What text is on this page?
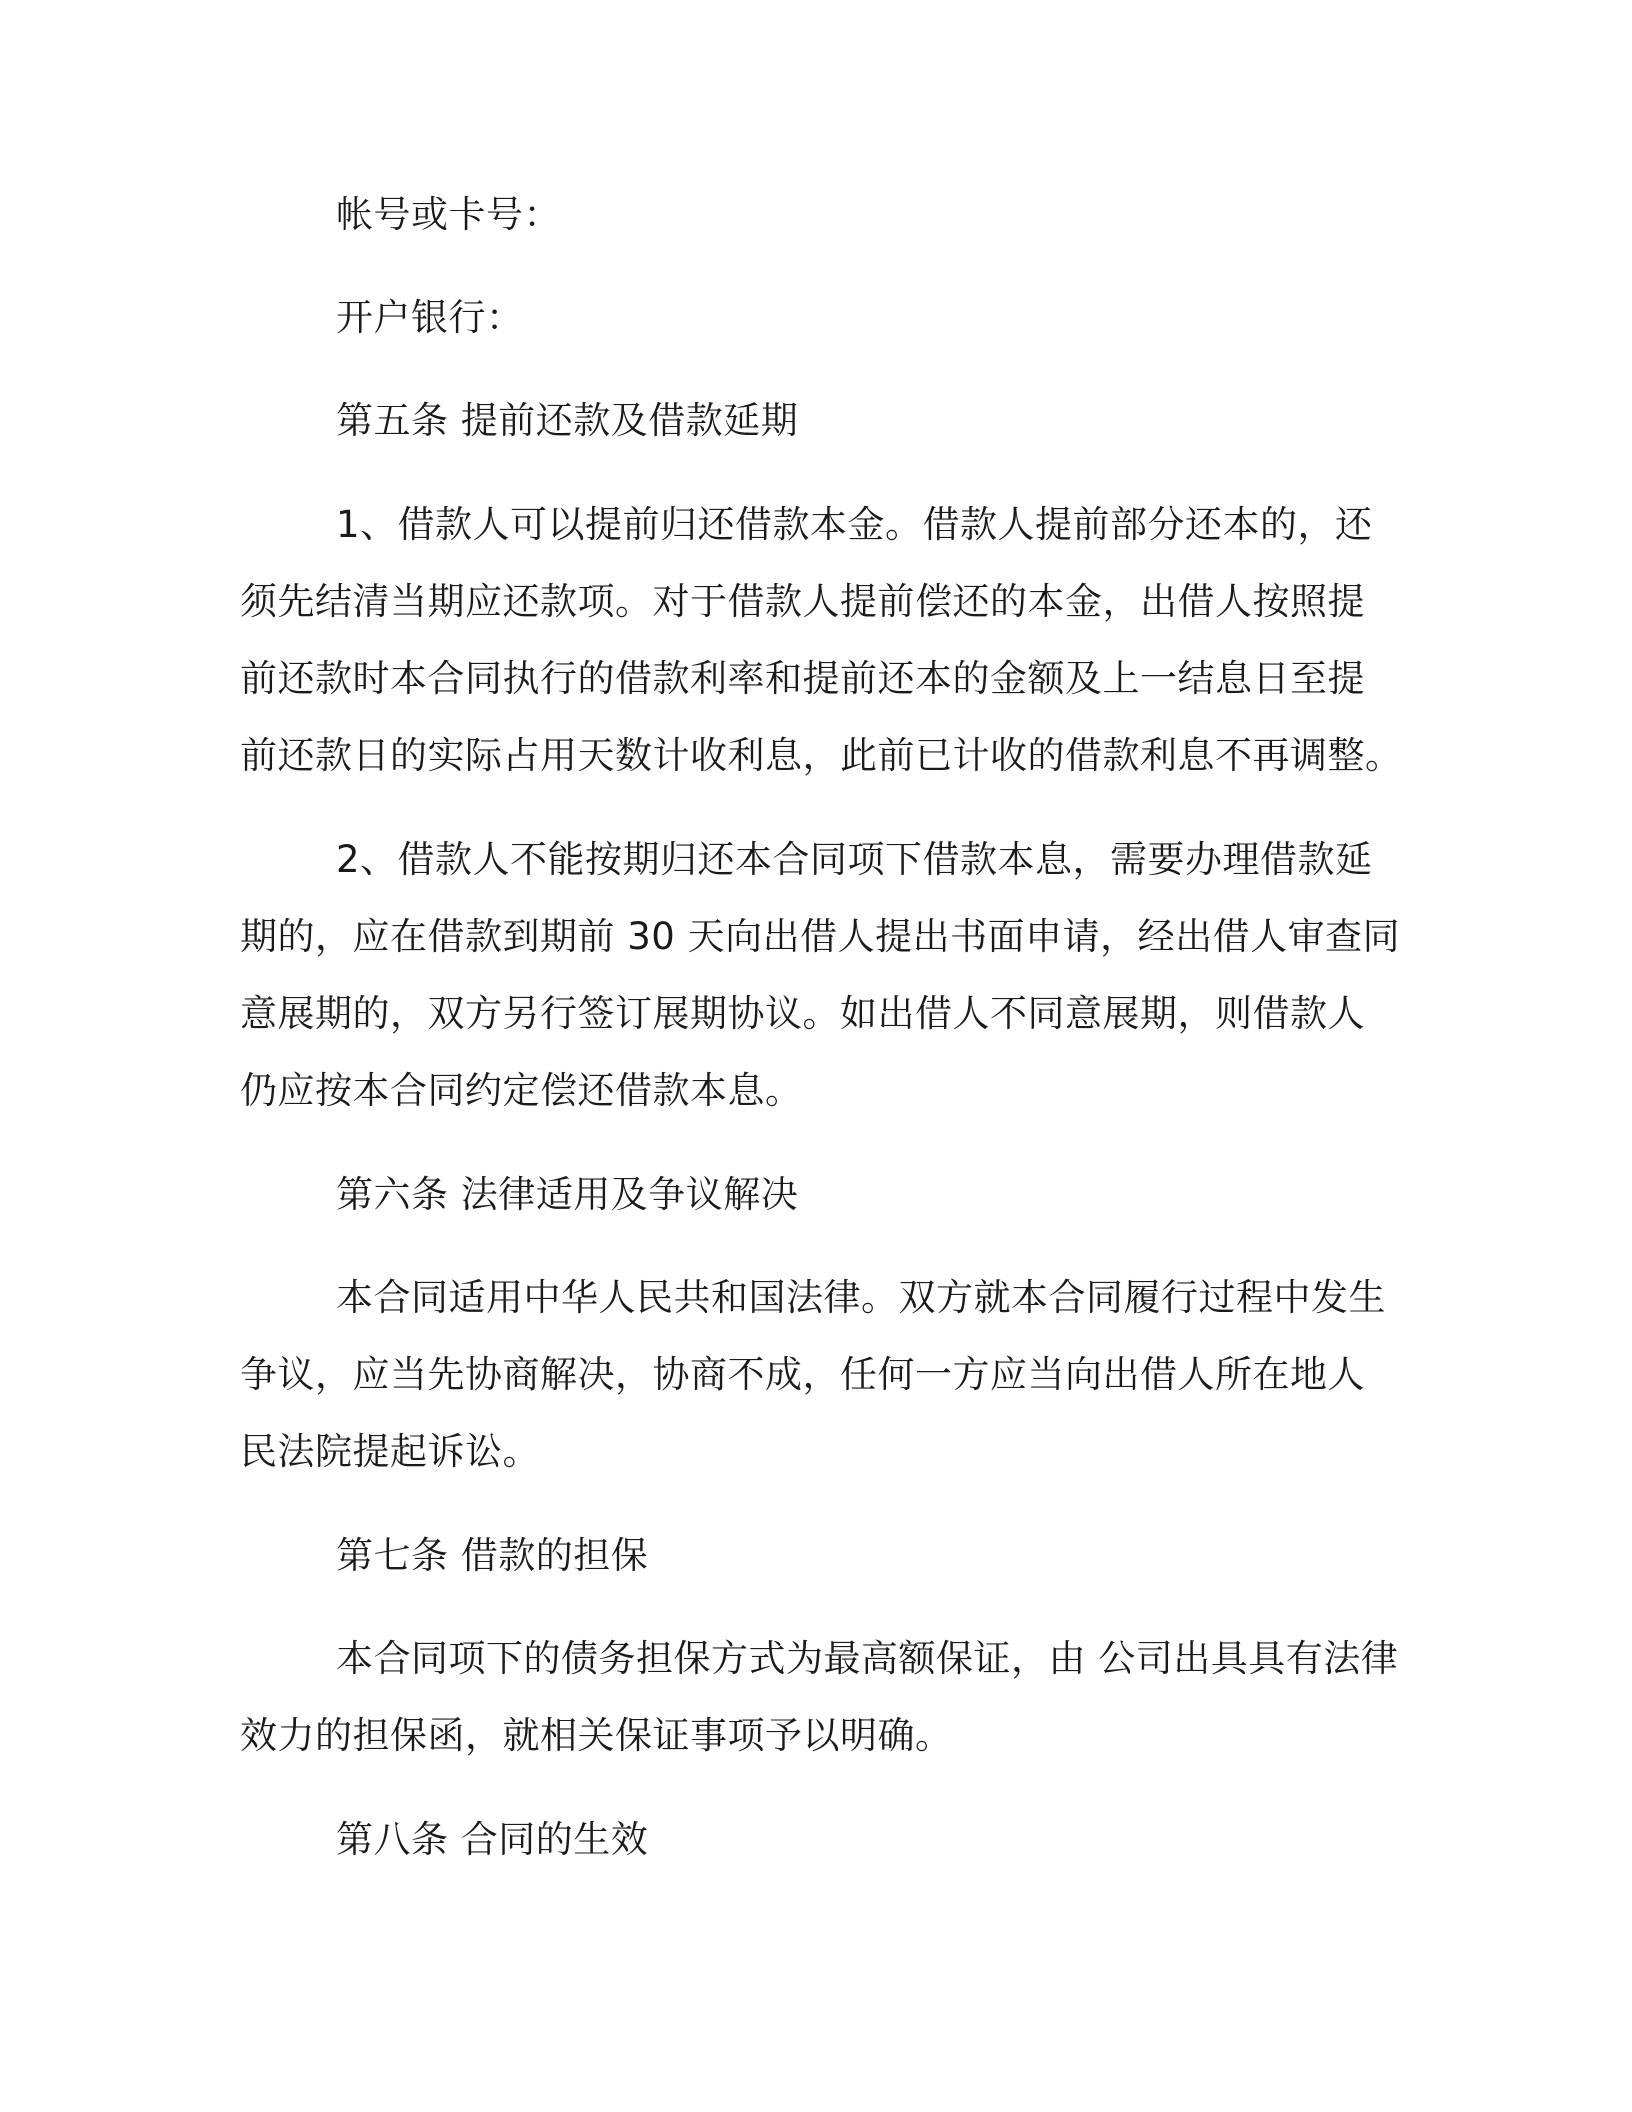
帐号或卡号：

开户银行：

第五条 提前还款及借款延期

1、借款人可以提前归还借款本金。借款人提前部分还本的，还

须先结清当期应还款项。对于借款人提前偿还的本金，出借人按照提

前还款时本合同执行的借款利率和提前还本的金额及上一结息日至提

前还款日的实际占用天数计收利息，此前已计收的借款利息不再调整。

2、借款人不能按期归还本合同项下借款本息，需要办理借款延

期的，应在借款到期前 30 天向出借人提出书面申请，经出借人审查同

意展期的，双方另行签订展期协议。如出借人不同意展期，则借款人

仍应按本合同约定偿还借款本息。

第六条 法律适用及争议解决

本合同适用中华人民共和国法律。双方就本合同履行过程中发生

争议，应当先协商解决，协商不成，任何一方应当向出借人所在地人

民法院提起诉讼。

第七条 借款的担保

本合同项下的债务担保方式为最高额保证，由 公司出具具有法律

效力的担保函，就相关保证事项予以明确。

第八条 合同的生效
